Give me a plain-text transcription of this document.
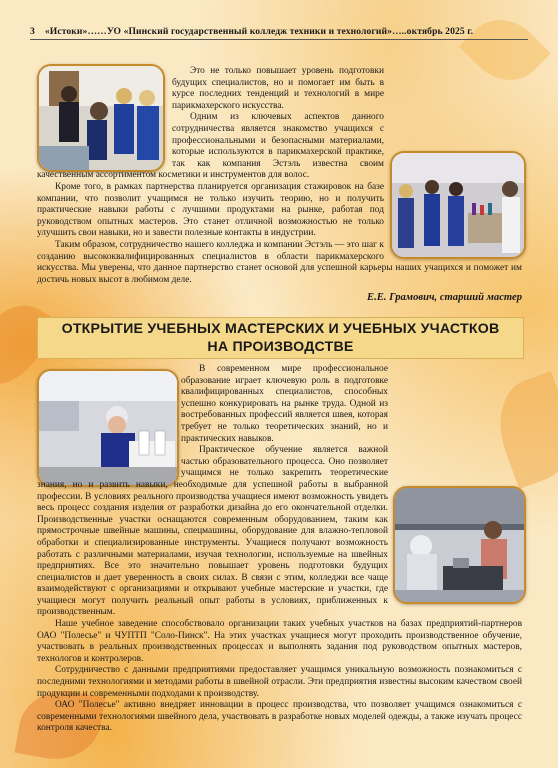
3 «Истоки»……УО «Пинский государственный колледж техники и технологий»…..октябрь 2025 г.
ОТКРЫТИЕ УЧЕБНЫХ МАСТЕРСКИХ И УЧЕБНЫХ УЧАСТКОВ
НА ПРОИЗВОДСТВЕ

Это не только повышает уровень подготовки будущих специалистов, но и помогает им быть в курсе последних тенденций и технологий в мире парикмахерского искусства.

Одним из ключевых аспектов данного сотрудничества является знакомство учащихся с профессиональными и безопасными материалами, которые используются в парикмахерской практике, так как компания Эстэль известна своим качественным ассортиментом косметики и инструментов для волос.

Кроме того, в рамках партнерства планируется организация стажировок на базе компании, что позволит учащимся не только изучить теорию, но и получить практические навыки работы с лучшими продуктами на рынке, работая под руководством опытных мастеров. Это станет отличной возможностью не только улучшить свои навыки, но и завести полезные контакты в индустрии.

Таким образом, сотрудничество нашего колледжа и компании Эстэль — это шаг к созданию высококвалифицированных специалистов в области парикмахерского искусства. Мы уверены, что данное партнерство станет основой для успешной карьеры наших учащихся и поможет им достичь новых высот в любимом деле.

Е.Е. Грамович, старший мастер

В современном мире профессиональное образование играет ключевую роль в подготовке квалифицированных специалистов, способных успешно конкурировать на рынке труда. Одной из востребованных профессий является швея, которая требует не только теоретических знаний, но и практических навыков.

Практическое обучение является важной частью образовательного процесса. Оно позволяет учащимся не только закрепить теоретические знания, но и развить навыки, необходимые для успешной работы в выбранной профессии. В условиях реального производства учащиеся имеют возможность увидеть весь процесс создания изделия от разработки дизайна до его окончательной отделки. Производственные участки оснащаются современным оборудованием, таким как прямострочные швейные машины, спецмашины, оборудование для влажно-тепловой обработки и специализированные инструменты. Учащиеся получают возможность работать с различными материалами, изучая технологии, используемые на швейных предприятиях. Все это значительно повышает уровень подготовки будущих специалистов и дает уверенность в своих силах. В связи с этим, колледжи все чаще взаимодействуют с организациями и открывают учебные мастерские и участки, где учащиеся могут получить реальный опыт работы в условиях, приближенных к производственным.

Наше учебное заведение способствовало организации таких учебных участков на базах предприятий-партнеров ОАО "Полесье" и ЧУПТП "Соло-Пинск". На этих участках учащиеся могут проходить производственное обучение, участвовать в реальных производственных процессах и выполнять задания под руководством опытных мастеров, технологов и контролеров.

Сотрудничество с данными предприятиями предоставляет учащимся уникальную возможность познакомиться с последними технологиями и методами работы в швейной отрасли. Эти предприятия известны высоким качеством своей продукции и современными подходами к производству.

ОАО "Полесье" активно внедряет инновации в процесс производства, что позволяет учащимся ознакомиться с современными технологиями швейного дела, участвовать в разработке новых моделей одежды, а также изучать процесс контроля качества.
